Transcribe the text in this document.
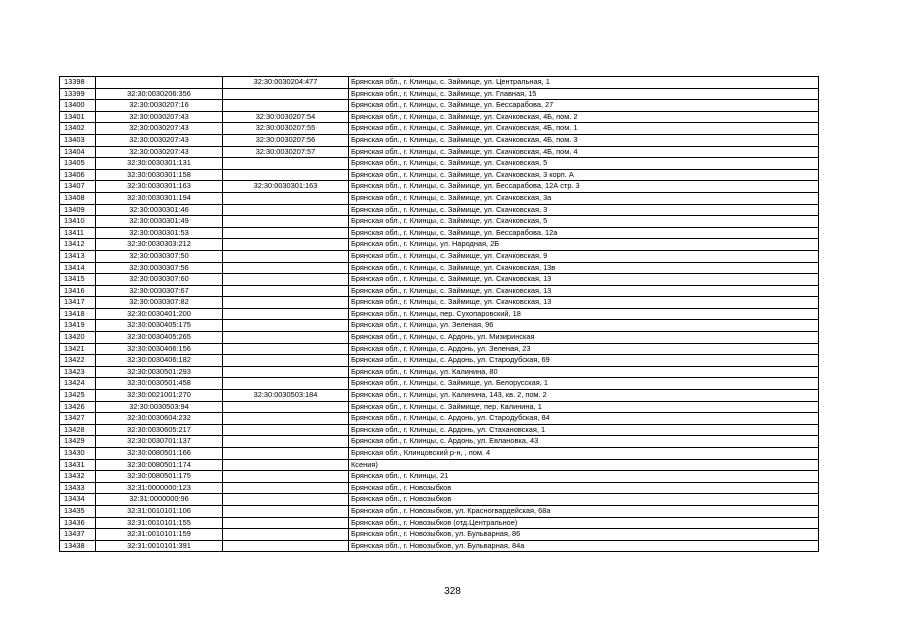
13398		32:30:0030204:477	Брянская обл., г. Клинцы, с. Займище, ул. Центральная, 1
13399	32:30:0030206:356		Брянская обл., г. Клинцы, с. Займище, ул. Главная, 15
13400	32:30:0030207:16		Брянская обл., г. Клинцы, с. Займище, ул. Бессарабова, 27
13401	32:30:0030207:43	32:30:0030207:54	Брянская обл., г. Клинцы, с. Займище, ул. Скачковская, 4Б, пом. 2
13402	32:30:0030207:43	32:30:0030207:55	Брянская обл., г. Клинцы, с. Займище, ул. Скачковская, 4Б, пом. 1
13403	32:30:0030207:43	32:30:0030207:56	Брянская обл., г. Клинцы, с. Займище, ул. Скачковская, 4Б, пом. 3
13404	32:30:0030207:43	32:30:0030207:57	Брянская обл., г. Клинцы, с. Займище, ул. Скачковская, 4Б, пом. 4
13405	32:30:0030301:131		Брянская обл., г. Клинцы, с. Займище, ул. Скачковская, 5
13406	32:30:0030301:158		Брянская обл., г. Клинцы, с. Займище, ул. Скачковская, 3 корп. А
13407	32:30:0030301:163	32:30:0030301:163	Брянская обл., г. Клинцы, с. Займище, ул. Бессарабова, 12А стр. 3
13408	32:30:0030301:194		Брянская обл., г. Клинцы, с. Займище, ул. Скачковская, 3а
13409	32:30:0030301:46		Брянская обл., г. Клинцы, с. Займище, ул. Скачковская, 3
13410	32:30:0030301:49		Брянская обл., г. Клинцы, с. Займище, ул. Скачковская, 5
13411	32:30:0030301:53		Брянская обл., г. Клинцы, с. Займище, ул. Бессарабова, 12а
13412	32:30:0030303:212		Брянская обл., г. Клинцы, ул. Народная, 2Б
13413	32:30:0030307:50		Брянская обл., г. Клинцы, с. Займище, ул. Скачковская, 9
13414	32:30:0030307:56		Брянская обл., г. Клинцы, с. Займище, ул. Скачковская, 13в
13415	32:30:0030307:60		Брянская обл., г. Клинцы, с. Займище, ул. Скачковская, 13
13416	32:30:0030307:67		Брянская обл., г. Клинцы, с. Займище, ул. Скачковская, 13
13417	32:30:0030307:82		Брянская обл., г. Клинцы, с. Займище, ул. Скачковская, 13
13418	32:30:0030401:200		Брянская обл., г. Клинцы, пер. Сухопаровский, 18
13419	32:30:0030405:175		Брянская обл., г. Клинцы, ул. Зеленая, 96
13420	32:30:0030405:265		Брянская обл., г. Клинцы, с. Ардонь, ул. Мизиринская
13421	32:30:0030406:156		Брянская обл., г. Клинцы, с. Ардонь, ул. Зеленая, 23
13422	32:30:0030406:182		Брянская обл., г. Клинцы, с. Ардонь, ул. Стародубская, 69
13423	32:30:0030501:293		Брянская обл., г. Клинцы, ул. Калинина, 80
13424	32:30:0030501:458		Брянская обл., г. Клинцы, с. Займище, ул. Белорусская, 1
13425	32:30:0021001:270	32:30:0030503:184	Брянская обл., г. Клинцы, ул. Калинина, 143, кв. 2, пом. 2
13426	32:30:0030503:94		Брянская обл., г. Клинцы, с. Займище, пер. Калинина, 1
13427	32:30:0030604:232		Брянская обл., г. Клинцы, с. Ардонь, ул. Стародубская, 84
13428	32:30:0030605:217		Брянская обл., г. Клинцы, с. Ардонь, ул. Стахановская, 1
13429	32:30:0030701:137		Брянская обл., г. Клинцы, с. Ардонь, ул. Евлановка, 43
13430	32:30:0080501:166		Брянская обл., Клинцовский р-н, , пом. 4
13431	32:30:0080501:174		Ксения)
13432	32:30:0080501:175		Брянская обл., г. Клинцы, 21
13433	32:31:0000000:123		Брянская обл., г. Новозыбков
13434	32:31:0000000:96		Брянская обл., г. Новозыбков
13435	32:31:0010101:106		Брянская обл., г. Новозыбков, ул. Красногвардейская, 68а
13436	32:31:0010101:155		Брянская обл., г. Новозыбков (отд.Центральное)
13437	32:31:0010101:159		Брянская обл., г. Новозыбков, ул. Бульварная, 86
13438	32:31:0010101:391		Брянская обл., г. Новозыбков, ул. Бульварная, 84а
328
